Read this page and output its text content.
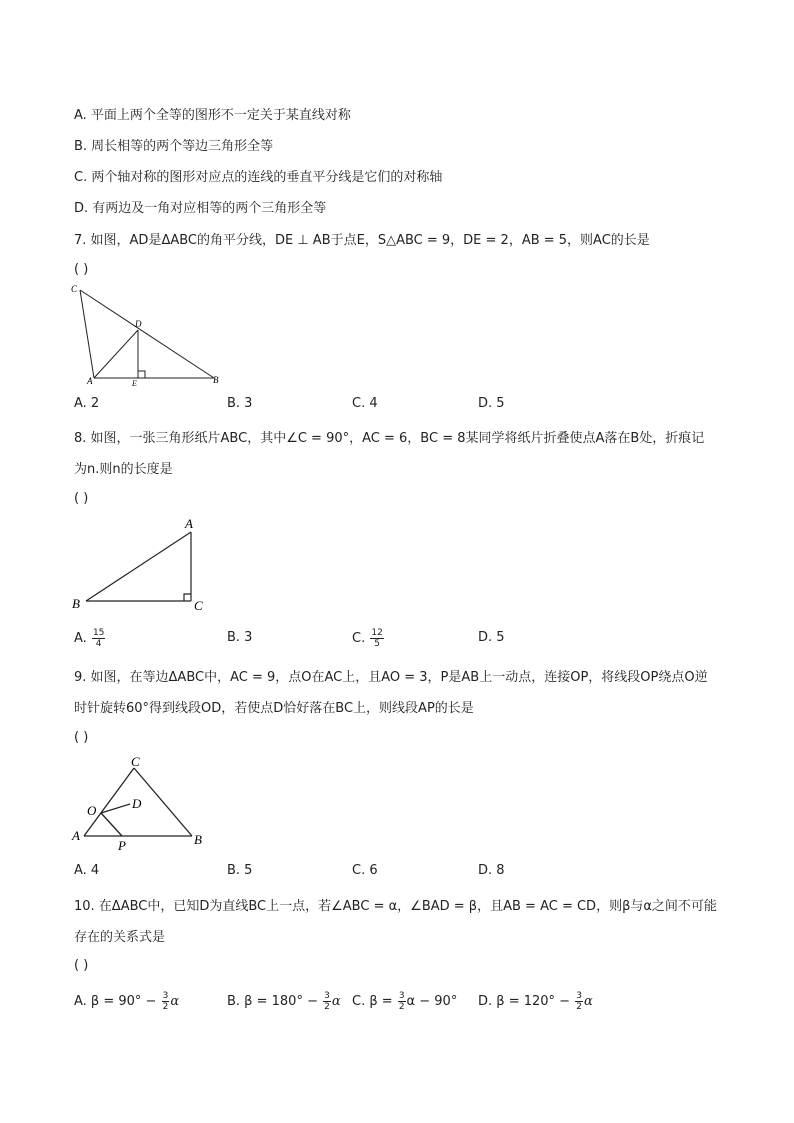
A. 平面上两个全等的图形不一定关于某直线对称
B. 周长相等的两个等边三角形全等
C. 两个轴对称的图形对应点的连线的垂直平分线是它们的对称轴
D. 有两边及一角对应相等的两个三角形全等
7. 如图，AD是ΔABC的角平分线，DE ⊥ AB于点E，S△ABC = 9，DE = 2，AB = 5，则AC的长是
( )
C
D
A	E	B
A. 2	B. 3	C. 4	D. 5
8. 如图，一张三角形纸片ABC，其中∠C = 90°，AC = 6，BC = 8某同学将纸片折叠使点A落在B处，折痕记
为n.则n的长度是
( )
A
B	C
A. $\frac{15}{4}$	B. 3	C. $\frac{12}{5}$	D. 5
9. 如图，在等边ΔABC中，AC = 9，点O在AC上，且AO = 3，P是AB上一动点，连接OP，将线段OP绕点O逆
时针旋转60°得到线段OD，若使点D恰好落在BC上，则线段AP的长是
( )
C
O	D
A
P	B
A. 4	B. 5	C. 6	D. 8
10. 在ΔABC中，已知D为直线BC上一点，若∠ABC = α，∠BAD = β，且AB = AC = CD，则β与α之间不可能
存在的关系式是
( )
A. $\beta = 90^\circ - \frac{3}{2}$ α	B. $\beta = 180^\circ - \frac{3}{2}$ α C. $\beta = \frac{3}{2}$ α − 90° D. $\beta = 120^\circ - \frac{3}{2}$ α
